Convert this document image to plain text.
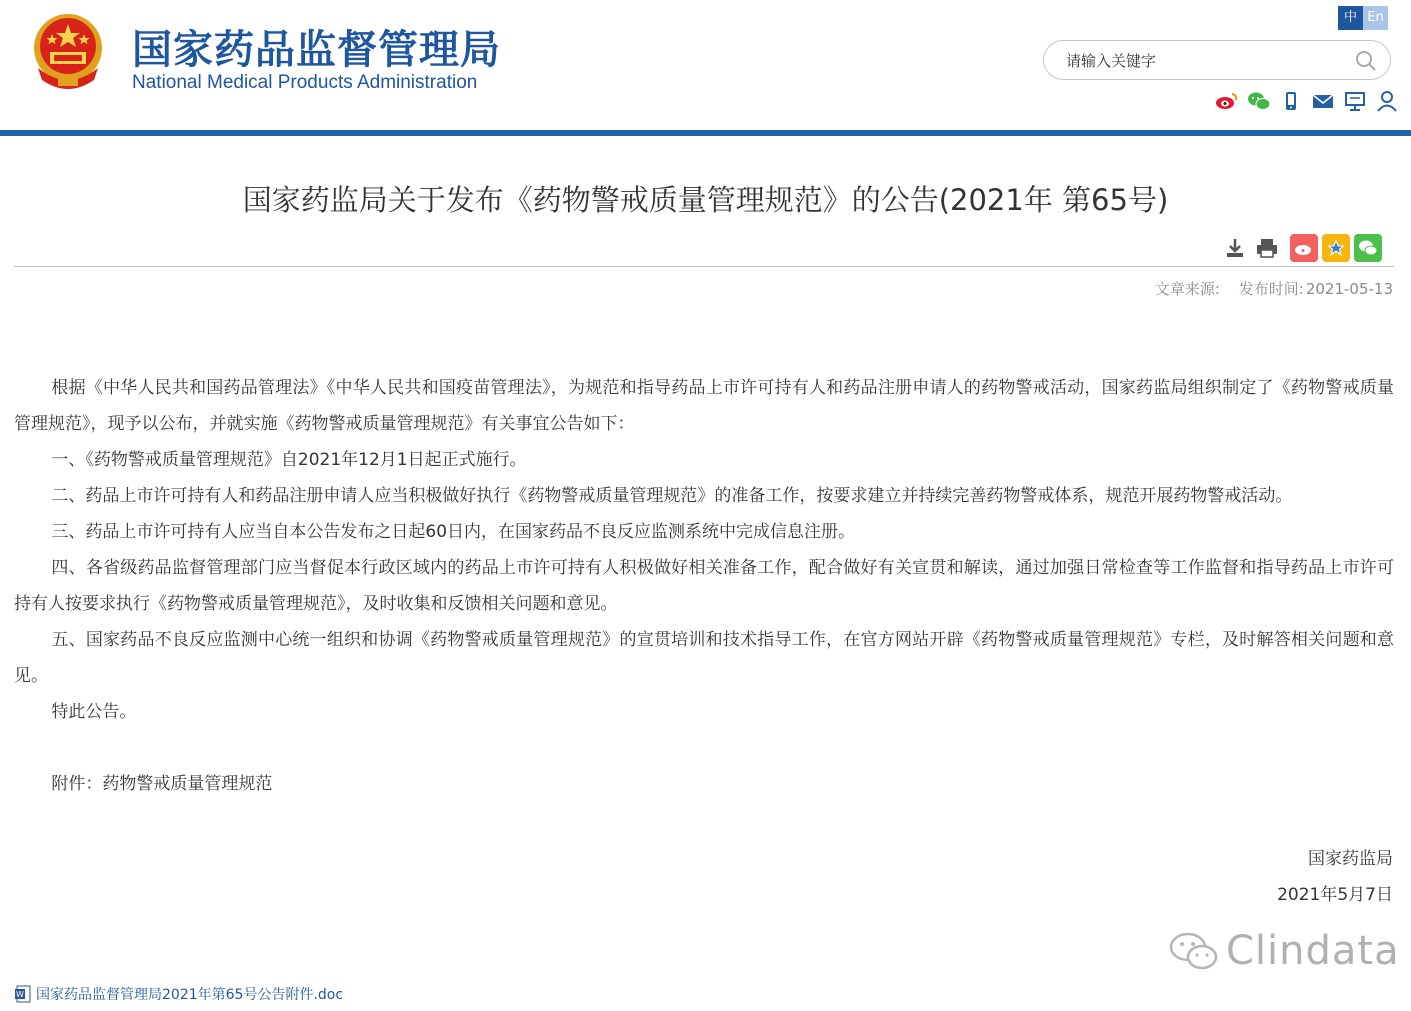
国家药品监督管理局
National Medical Products Administration
中 En
请输入关键字
国家药监局关于发布《药物警戒质量管理规范》的公告(2021年 第65号)
文章来源: 发布时间: 2021-05-13

根据《中华人民共和国药品管理法》《中华人民共和国疫苗管理法》，为规范和指导药品上市许可持有人和药品注册申请人的药物警戒活动，国家药监局组织制定了《药物警戒质量管理规范》，现予以公布，并就实施《药物警戒质量管理规范》有关事宜公告如下：

一、《药物警戒质量管理规范》自2021年12月1日起正式施行。

二、药品上市许可持有人和药品注册申请人应当积极做好执行《药物警戒质量管理规范》的准备工作，按要求建立并持续完善药物警戒体系，规范开展药物警戒活动。

三、药品上市许可持有人应当自本公告发布之日起60日内，在国家药品不良反应监测系统中完成信息注册。

四、各省级药品监督管理部门应当督促本行政区域内的药品上市许可持有人积极做好相关准备工作，配合做好有关宣贯和解读，通过加强日常检查等工作监督和指导药品上市许可持有人按要求执行《药物警戒质量管理规范》，及时收集和反馈相关问题和意见。

五、国家药品不良反应监测中心统一组织和协调《药物警戒质量管理规范》的宣贯培训和技术指导工作，在官方网站开辟《药物警戒质量管理规范》专栏，及时解答相关问题和意见。

特此公告。

附件：药物警戒质量管理规范

国家药监局
2021年5月7日
Clindata
W 国家药品监督管理局2021年第65号公告附件.doc
